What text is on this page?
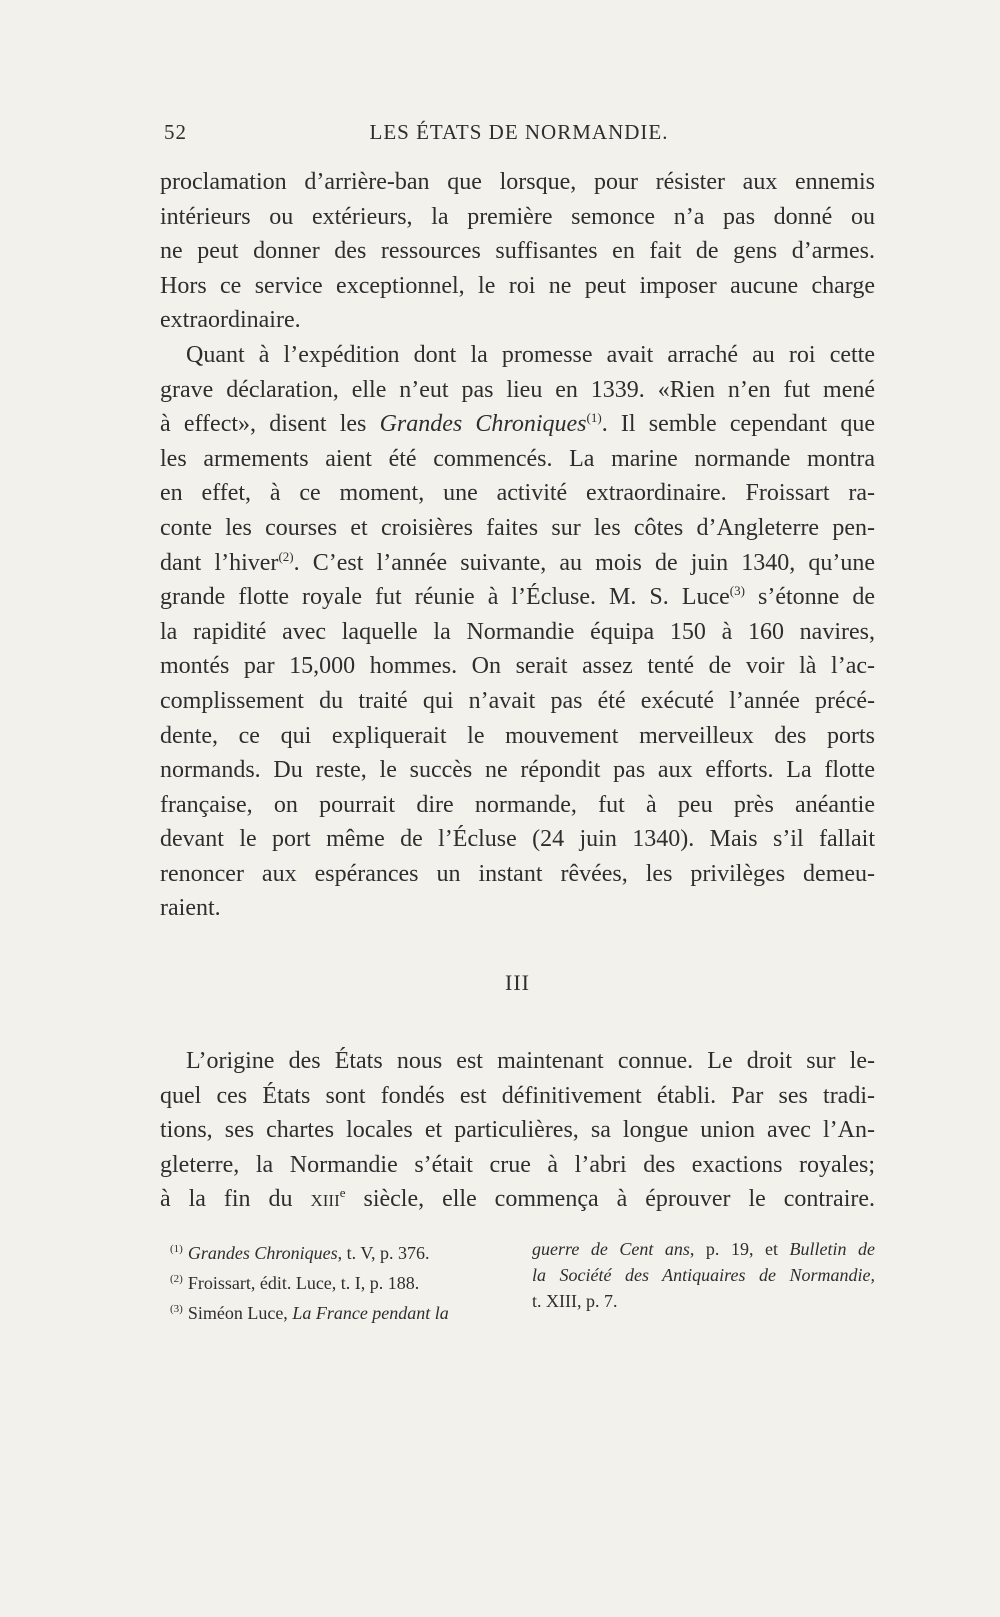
52	LES ÉTATS DE NORMANDIE.
proclamation d’arrière-ban que lorsque, pour résister aux ennemis
intérieurs ou extérieurs, la première semonce n’a pas donné ou
ne peut donner des ressources suffisantes en fait de gens d’armes.
Hors ce service exceptionnel, le roi ne peut imposer aucune charge
extraordinaire.
Quant à l’expédition dont la promesse avait arraché au roi cette
grave déclaration, elle n’eut pas lieu en 1339. «Rien n’en fut mené
à effect», disent les Grandes Chroniques$^{(1)}$. Il semble cependant que
les armements aient été commencés. La marine normande montra
en effet, à ce moment, une activité extraordinaire. Froissart ra-
conte les courses et croisières faites sur les côtes d’Angleterre pen-
dant l’hiver$^{(2)}$. C’est l’année suivante, au mois de juin 1340, qu’une
grande flotte royale fut réunie à l’Écluse. M. S. Luce$^{(3)}$ s’étonne de
la rapidité avec laquelle la Normandie équipa 150 à 160 navires,
montés par 15,000 hommes. On serait assez tenté de voir là l’ac-
complissement du traité qui n’avait pas été exécuté l’année précé-
dente, ce qui expliquerait le mouvement merveilleux des ports
normands. Du reste, le succès ne répondit pas aux efforts. La flotte
française, on pourrait dire normande, fut à peu près anéantie
devant le port même de l’Écluse (24 juin 1340). Mais s’il fallait
renoncer aux espérances un instant rêvées, les privilèges demeu-
raient.
III
L’origine des États nous est maintenant connue. Le droit sur le-
quel ces États sont fondés est définitivement établi. Par ses tradi-
tions, ses chartes locales et particulières, sa longue union avec l’An-
gleterre, la Normandie s’était crue à l’abri des exactions royales;
à la fin du xiii$^e$ siècle, elle commença à éprouver le contraire.
$^{(1)}$ Grandes Chroniques, t. V, p. 376.
$^{(2)}$ Froissart, édit. Luce, t. I, p. 188.
$^{(3)}$ Siméon Luce, La France pendant la
guerre de Cent ans, p. 19, et Bulletin de
la Société des Antiquaires de Normandie,
t. XIII, p. 7.
